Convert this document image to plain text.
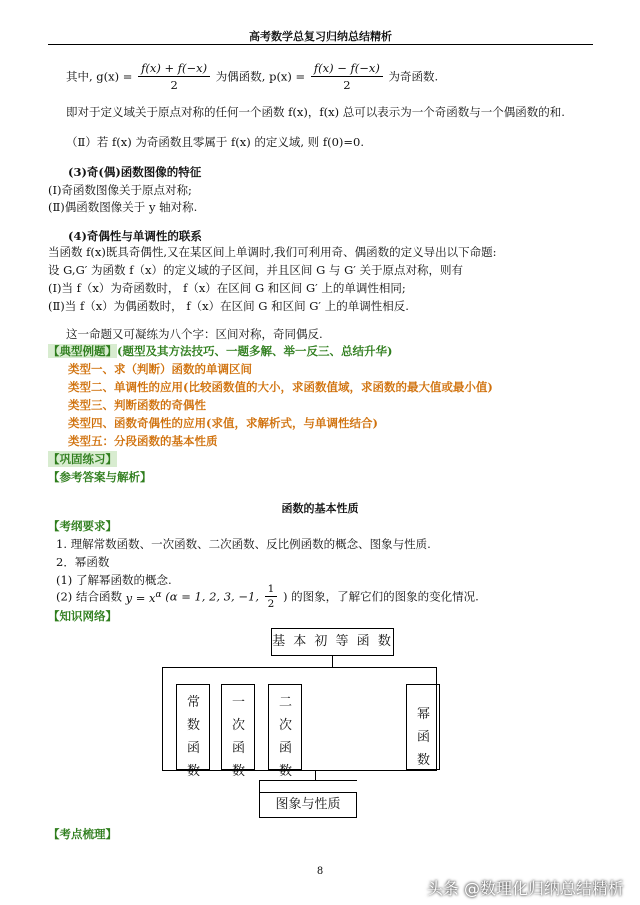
高考数学总复习归纳总结精析
其中, $g(x) = \frac{f(x) + f(-x)}{2}$ 为偶函数, $p(x) = \frac{f(x) - f(-x)}{2}$ 为奇函数.
即对于定义域关于原点对称的任何一个函数 f(x)，f(x) 总可以表示为一个奇函数与一个偶函数的和.
（Ⅱ）若 f(x) 为奇函数且零属于 f(x) 的定义域, 则 f(0)=0.
(3)奇(偶)函数图像的特征
(Ⅰ)奇函数图像关于原点对称;
(Ⅱ)偶函数图像关于 y 轴对称.
(4)奇偶性与单调性的联系
当函数 f(x)既具奇偶性,又在某区间上单调时,我们可利用奇、偶函数的定义导出以下命题:
设 G,G′ 为函数 f（x）的定义域的子区间，并且区间 G 与 G′ 关于原点对称，则有
(Ⅰ)当 f（x）为奇函数时， f（x）在区间 G 和区间 G′ 上的单调性相同;
(Ⅱ)当 f（x）为偶函数时， f（x）在区间 G 和区间 G′ 上的单调性相反.
这一命题又可凝练为八个字：区间对称，奇同偶反.
【典型例题】(题型及其方法技巧、一题多解、举一反三、总结升华)
类型一、求（判断）函数的单调区间
类型二、单调性的应用(比较函数值的大小，求函数值域，求函数的最大值或最小值)
类型三、判断函数的奇偶性
类型四、函数奇偶性的应用(求值，求解析式，与单调性结合)
类型五：分段函数的基本性质
【巩固练习】
【参考答案与解析】
函数的基本性质
【考纲要求】
1. 理解常数函数、一次函数、二次函数、反比例函数的概念、图象与性质.
2．幂函数
(1) 了解幂函数的概念.
(2) 结合函数 $y = x^\alpha$ (α = 1, 2, 3, −1, $\frac{1}{2}$ ) 的图象，了解它们的图象的变化情况.
【知识网络】
基 本 初 等 函 数
常数函数
一次函数
二次函数
幂函数
图象与性质
【考点梳理】
8
头条 @数理化归纳总结精析
